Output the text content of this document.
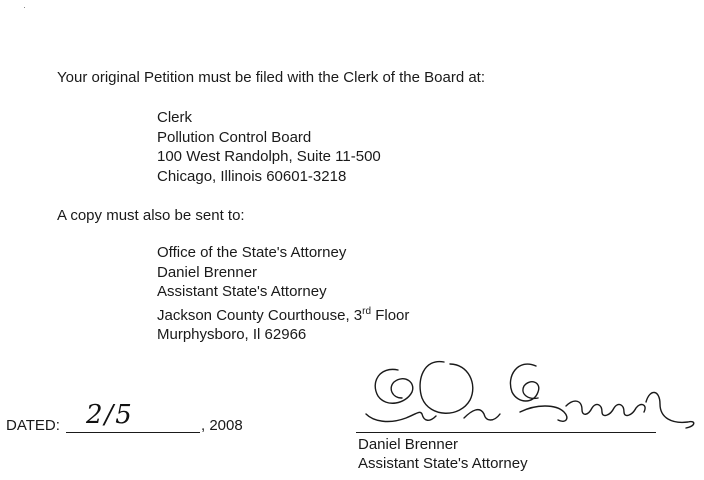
Your original Petition must be filed with the Clerk of the Board at:
Clerk
Pollution Control Board
100 West Randolph, Suite 11-500
Chicago, Illinois 60601-3218
A copy must also be sent to:
Office of the State's Attorney
Daniel Brenner
Assistant State's Attorney
Jackson County Courthouse, 3rd Floor
Murphysboro, Il 62966
DATED: 2/5	, 2008
Daniel Brenner
Assistant State's Attorney
